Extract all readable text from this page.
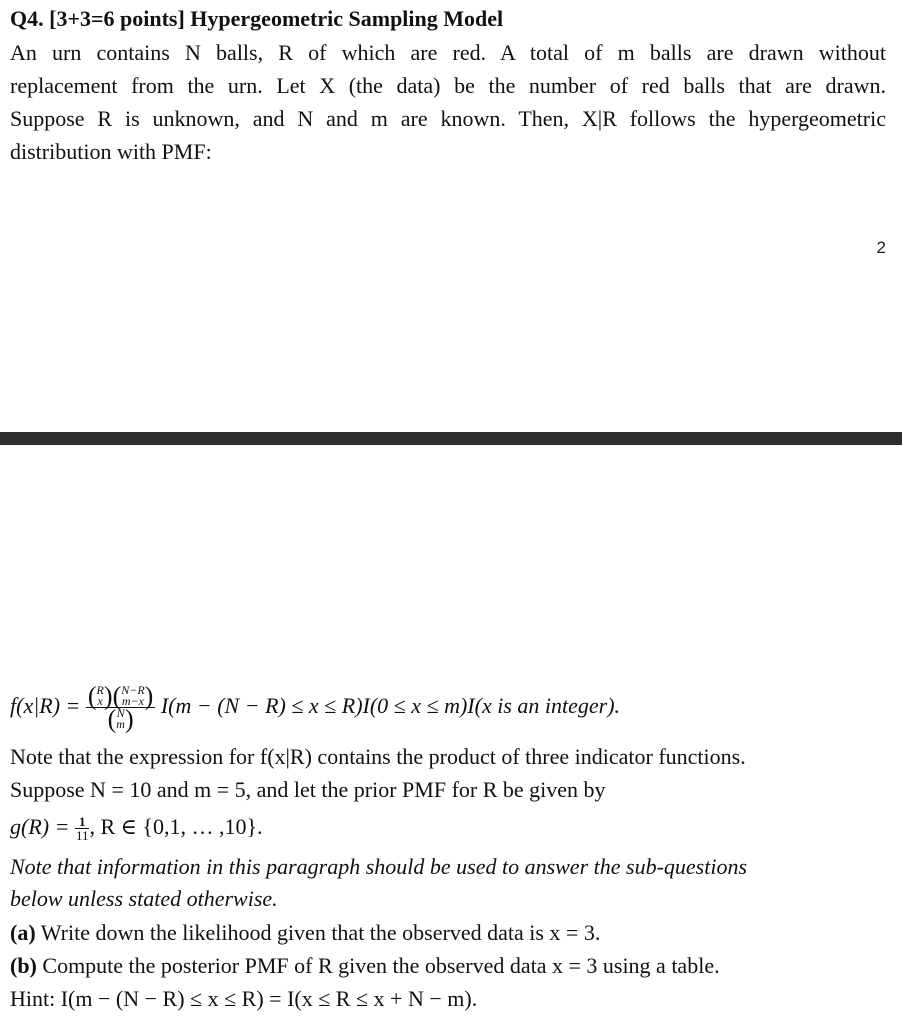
Q4. [3+3=6 points] Hypergeometric Sampling Model
An urn contains N balls, R of which are red. A total of m balls are drawn without
replacement from the urn. Let X (the data) be the number of red balls that are drawn.
Suppose R is unknown, and N and m are known. Then, X|R follows the hypergeometric
distribution with PMF:
2
f(x|R) = ( R
x )( N−R
m−x )
( N
m ) I(m − (N − R) ≤ x ≤ R)I(0 ≤ x ≤ m)I(x is an integer).
Note that the expression for f(x|R) contains the product of three indicator functions.
Suppose N = 10 and m = 5, and let the prior PMF for R be given by
$g(R) = \frac{1}{11}$ , R ∈ {0,1, … ,10}.
Note that information in this paragraph should be used to answer the sub-questions
below unless stated otherwise.
(a) Write down the likelihood given that the observed data is x = 3.
(b) Compute the posterior PMF of R given the observed data x = 3 using a table.
Hint: I(m − (N − R) ≤ x ≤ R) = I(x ≤ R ≤ x + N − m).
